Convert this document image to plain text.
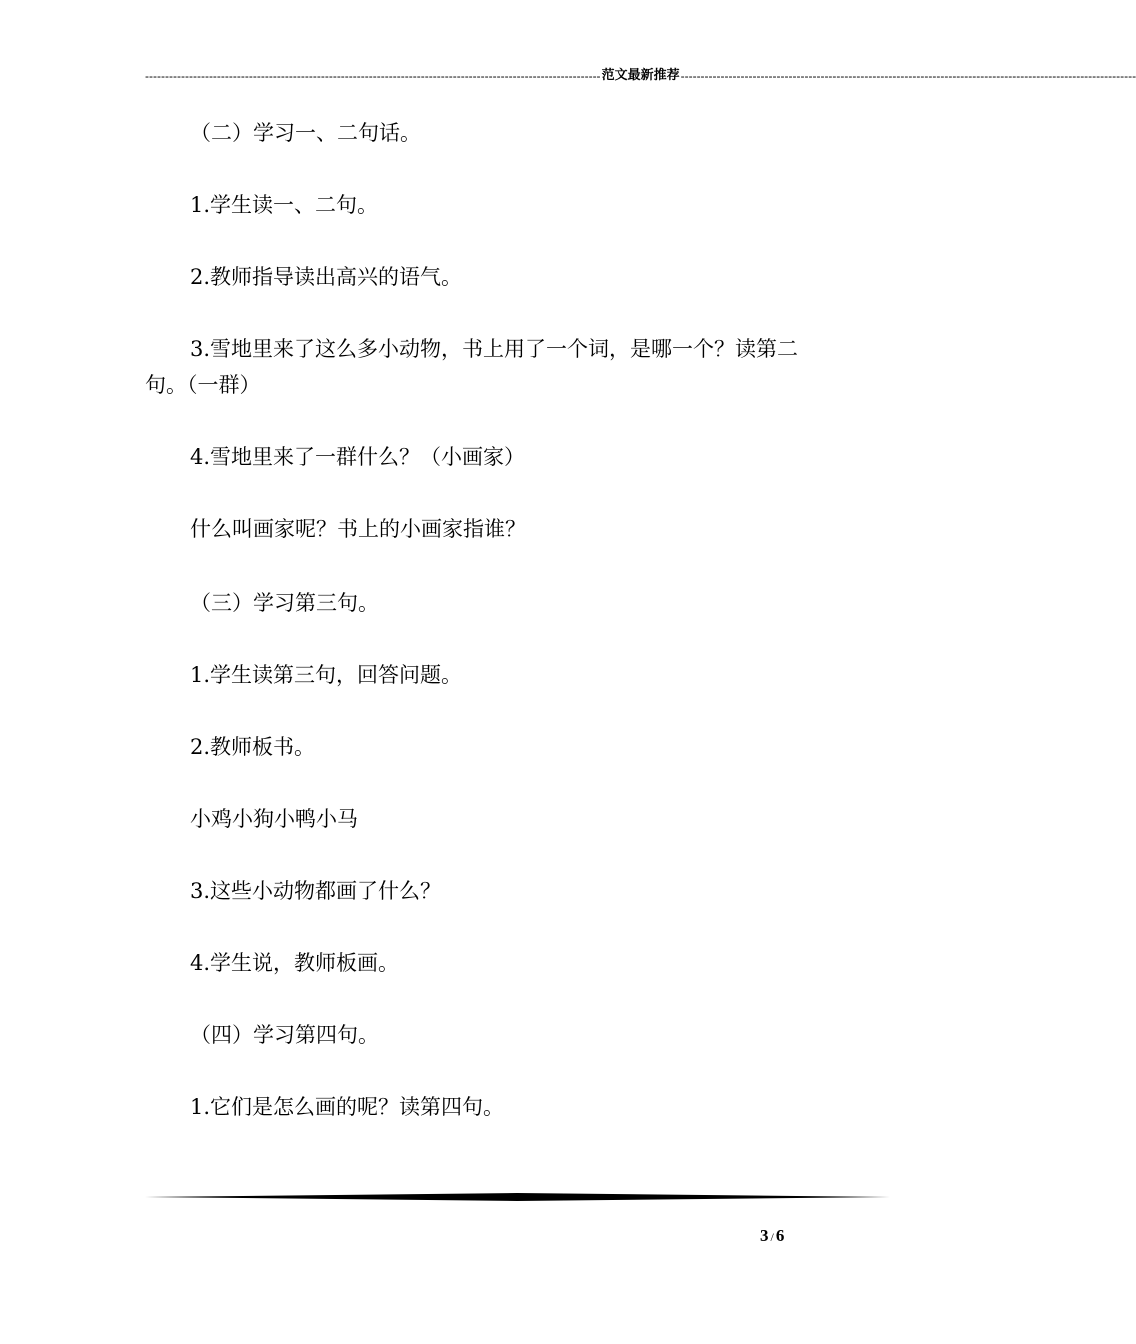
------------------------------------------------------------------------------------------------------------------ 范文最新推荐 ------------------------------------------------------------------------------------------------------------------
（二）学习一、二句话。
1.学生读一、二句。
2.教师指导读出高兴的语气。
3.雪地里来了这么多小动物，书上用了一个词，是哪一个？读第二句。（一群）
4.雪地里来了一群什么？（小画家）
什么叫画家呢？书上的小画家指谁？
（三）学习第三句。
1.学生读第三句，回答问题。
2.教师板书。
小鸡小狗小鸭小马
3.这些小动物都画了什么？
4.学生说，教师板画。
（四）学习第四句。
1.它们是怎么画的呢？读第四句。
3 / 6
